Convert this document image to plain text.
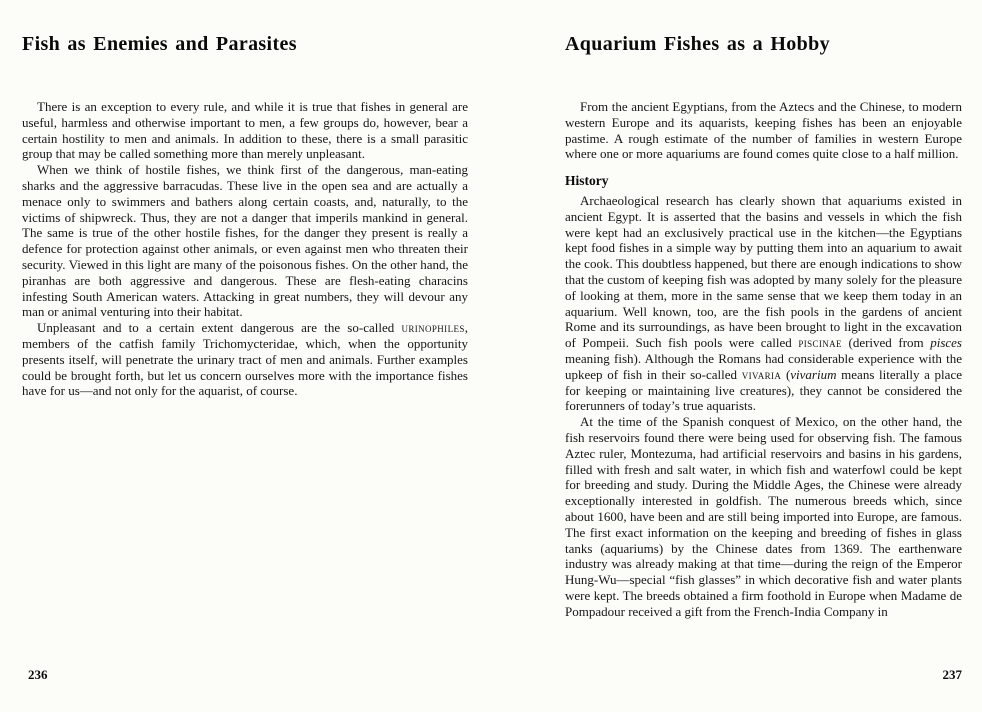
Fish as Enemies and Parasites

There is an exception to every rule, and while it is true that fishes in general are useful, harmless and otherwise important to men, a few groups do, however, bear a certain hostility to men and animals. In addition to these, there is a small parasitic group that may be called something more than merely unpleasant.

When we think of hostile fishes, we think first of the dangerous, man-eating sharks and the aggressive barracudas. These live in the open sea and are actually a menace only to swimmers and bathers along certain coasts, and, naturally, to the victims of shipwreck. Thus, they are not a danger that imperils mankind in general. The same is true of the other hostile fishes, for the danger they present is really a defence for protection against other animals, or even against men who threaten their security. Viewed in this light are many of the poisonous fishes. On the other hand, the piranhas are both aggressive and dangerous. These are flesh-eating characins infesting South American waters. Attacking in great numbers, they will devour any man or animal venturing into their habitat.

Unpleasant and to a certain extent dangerous are the so-called urinophiles, members of the catfish family Trichomycteridae, which, when the opportunity presents itself, will penetrate the urinary tract of men and animals. Further examples could be brought forth, but let us concern ourselves more with the importance fishes have for us—and not only for the aquarist, of course.

236
Aquarium Fishes as a Hobby

From the ancient Egyptians, from the Aztecs and the Chinese, to modern western Europe and its aquarists, keeping fishes has been an enjoyable pastime. A rough estimate of the number of families in western Europe where one or more aquariums are found comes quite close to a half million.

History

Archaeological research has clearly shown that aquariums existed in ancient Egypt. It is asserted that the basins and vessels in which the fish were kept had an exclusively practical use in the kitchen—the Egyptians kept food fishes in a simple way by putting them into an aquarium to await the cook. This doubtless happened, but there are enough indications to show that the custom of keeping fish was adopted by many solely for the pleasure of looking at them, more in the same sense that we keep them today in an aquarium. Well known, too, are the fish pools in the gardens of ancient Rome and its surroundings, as have been brought to light in the excavation of Pompeii. Such fish pools were called piscinae (derived from pisces meaning fish). Although the Romans had considerable experience with the upkeep of fish in their so-called vivaria (vivarium means literally a place for keeping or maintaining live creatures), they cannot be considered the forerunners of today’s true aquarists.

At the time of the Spanish conquest of Mexico, on the other hand, the fish reservoirs found there were being used for observing fish. The famous Aztec ruler, Montezuma, had artificial reservoirs and basins in his gardens, filled with fresh and salt water, in which fish and waterfowl could be kept for breeding and study. During the Middle Ages, the Chinese were already exceptionally interested in goldfish. The numerous breeds which, since about 1600, have been and are still being imported into Europe, are famous. The first exact information on the keeping and breeding of fishes in glass tanks (aquariums) by the Chinese dates from 1369. The earthenware industry was already making at that time—during the reign of the Emperor Hung-Wu—special “fish glasses” in which decorative fish and water plants were kept. The breeds obtained a firm foothold in Europe when Madame de Pompadour received a gift from the French-India Company in

237
